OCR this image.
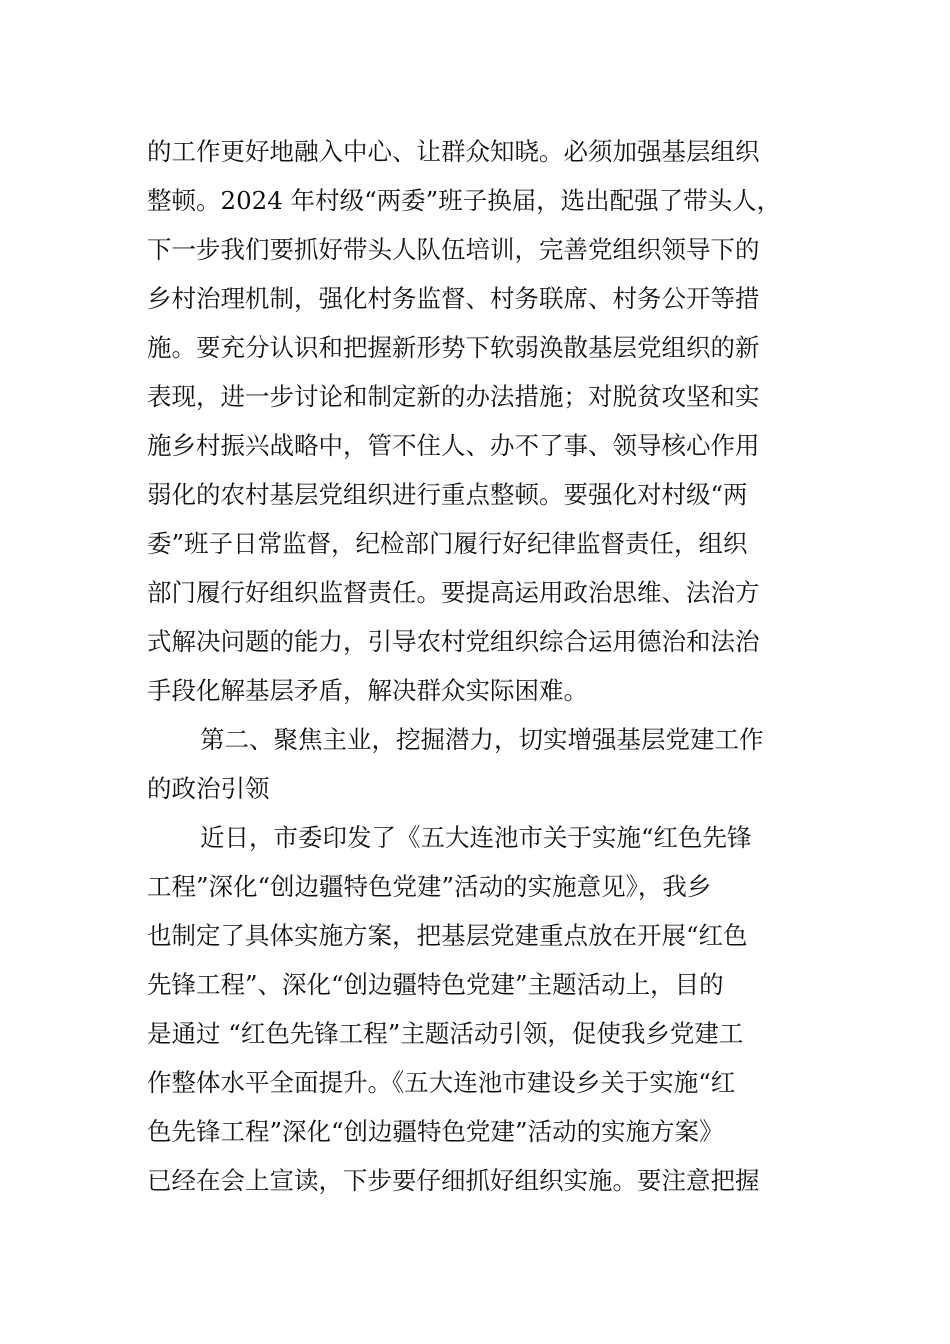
的工作更好地融入中心、让群众知晓。必须加强基层组织
整顿。2024 年村级“两委”班子换届，选出配强了带头人，
下一步我们要抓好带头人队伍培训，完善党组织领导下的
乡村治理机制，强化村务监督、村务联席、村务公开等措
施。要充分认识和把握新形势下软弱涣散基层党组织的新
表现，进一步讨论和制定新的办法措施；对脱贫攻坚和实
施乡村振兴战略中，管不住人、办不了事、领导核心作用
弱化的农村基层党组织进行重点整顿。要强化对村级“两
委”班子日常监督，纪检部门履行好纪律监督责任，组织
部门履行好组织监督责任。要提高运用政治思维、法治方
式解决问题的能力，引导农村党组织综合运用德治和法治
手段化解基层矛盾，解决群众实际困难。
第二、聚焦主业，挖掘潜力，切实增强基层党建工作
的政治引领
近日，市委印发了《五大连池市关于实施“红色先锋
工程”深化“创边疆特色党建”活动的实施意见》，我乡
也制定了具体实施方案，把基层党建重点放在开展“红色
先锋工程”、深化“创边疆特色党建”主题活动上，目的
是通过 “红色先锋工程”主题活动引领，促使我乡党建工
作整体水平全面提升。《五大连池市建设乡关于实施“红
色先锋工程”深化“创边疆特色党建”活动的实施方案》
已经在会上宣读，下步要仔细抓好组织实施。要注意把握
